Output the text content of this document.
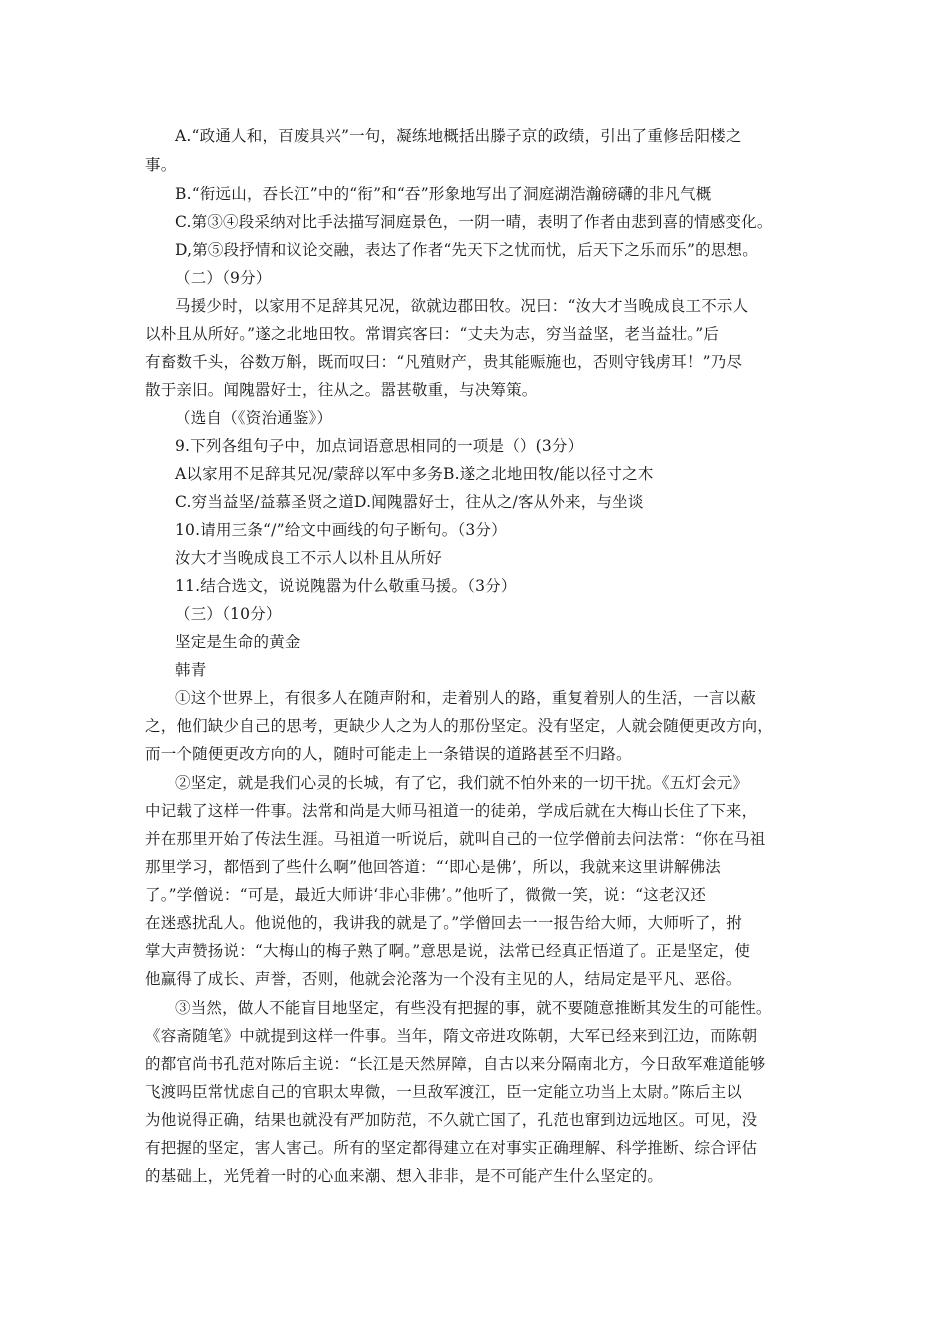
A.“政通人和，百废具兴”一句，凝练地概括出滕子京的政绩，引出了重修岳阳楼之
事。
B.“衔远山，吞长江”中的“衔”和“吞”形象地写出了洞庭湖浩瀚磅礴的非凡气概
C.第③④段采纳对比手法描写洞庭景色，一阴一晴，表明了作者由悲到喜的情感变化。
D,第⑤段抒情和议论交融，表达了作者“先天下之忧而忧，后天下之乐而乐”的思想。
（二）（9分）
马援少时，以家用不足辞其兄况，欲就边郡田牧。况曰：“汝大才当晚成良工不示人
以朴且从所好。”遂之北地田牧。常谓宾客曰：“丈夫为志，穷当益坚，老当益壮。”后
有畜数千头，谷数万斛，既而叹曰：“凡殖财产，贵其能赈施也，否则守钱虏耳！”乃尽
散于亲旧。闻隗嚣好士，往从之。嚣甚敬重，与决筹策。
（选自（《资治通鉴》）
9.下列各组句子中，加点词语意思相同的一项是（）(3分）
A以家用不足辞其兄况/蒙辞以军中多务B.遂之北地田牧/能以径寸之木
C.穷当益坚/益慕圣贤之道D.闻隗嚣好士，往从之/客从外来，与坐谈
10.请用三条“/”给文中画线的句子断句。（3分）
汝大才当晚成良工不示人以朴且从所好
11.结合选文，说说隗嚣为什么敬重马援。（3分）
（三）（10分）
坚定是生命的黄金
韩青
①这个世界上，有很多人在随声附和，走着别人的路，重复着别人的生活，一言以蔽
之，他们缺少自己的思考，更缺少人之为人的那份坚定。没有坚定，人就会随便更改方向，
而一个随便更改方向的人，随时可能走上一条错误的道路甚至不归路。
②坚定，就是我们心灵的长城，有了它，我们就不怕外来的一切干扰。《五灯会元》
中记载了这样一件事。法常和尚是大师马祖道一的徒弟，学成后就在大梅山长住了下来，
并在那里开始了传法生涯。马祖道一听说后，就叫自己的一位学僧前去问法常：“你在马祖
那里学习，都悟到了些什么啊”他回答道：“‘即心是佛’，所以，我就来这里讲解佛法
了。”学僧说：“可是，最近大师讲‘非心非佛’。”他听了，微微一笑，说：“这老汉还
在迷惑扰乱人。他说他的，我讲我的就是了。”学僧回去一一报告给大师，大师听了，拊
掌大声赞扬说：“大梅山的梅子熟了啊。”意思是说，法常已经真正悟道了。正是坚定，使
他赢得了成长、声誉，否则，他就会沦落为一个没有主见的人，结局定是平凡、恶俗。
③当然，做人不能盲目地坚定，有些没有把握的事，就不要随意推断其发生的可能性。
《容斋随笔》中就提到这样一件事。当年，隋文帝进攻陈朝，大军已经来到江边，而陈朝
的都官尚书孔范对陈后主说：“长江是天然屏障，自古以来分隔南北方，今日敌军难道能够
飞渡吗臣常忧虑自己的官职太卑微，一旦敌军渡江，臣一定能立功当上太尉。”陈后主以
为他说得正确，结果也就没有严加防范，不久就亡国了，孔范也窜到边远地区。可见，没
有把握的坚定，害人害己。所有的坚定都得建立在对事实正确理解、科学推断、综合评估
的基础上，光凭着一时的心血来潮、想入非非，是不可能产生什么坚定的。
